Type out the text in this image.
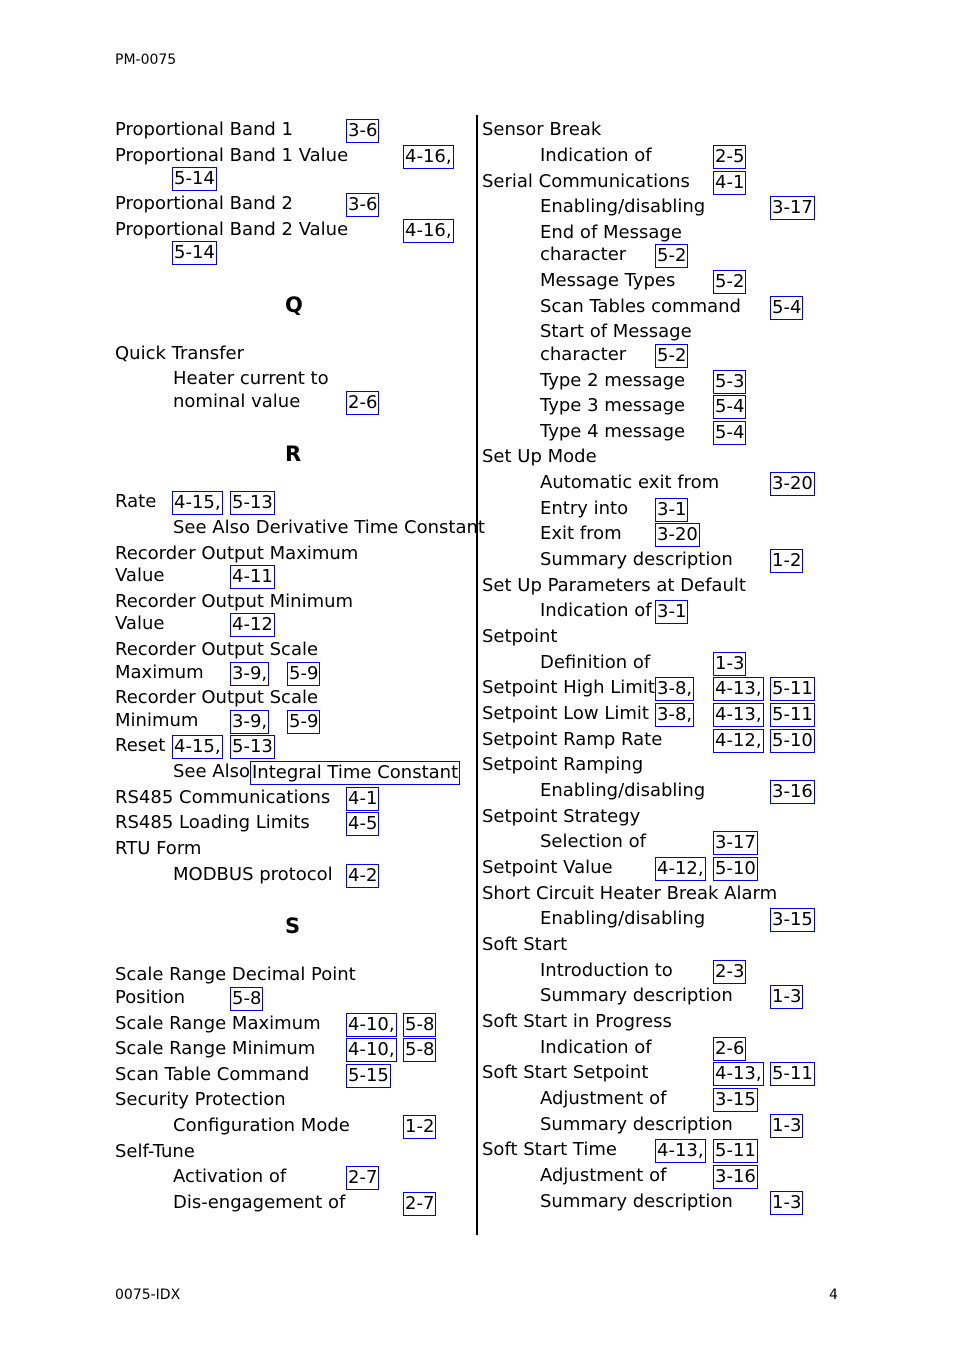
PM-0075
Proportional Band 1	3-6
Proportional Band 1 Value	4-16,
5-14
Proportional Band 2	3-6
Proportional Band 2 Value	4-16,
5-14
Q
Quick Transfer
Heater current to
nominal value	2-6
R
Rate 4-15, 5-13
See Also Derivative Time Constant
Recorder Output Maximum
Value	4-11
Recorder Output Minimum
Value	4-12
Recorder Output Scale
Maximum 3-9, 5-9
Recorder Output Scale
Minimum 3-9, 5-9
Reset 4-15, 5-13
See Also Integral Time Constant
RS485 Communications 4-1
RS485 Loading Limits 4-5
RTU Form
MODBUS protocol 4-2
S
Scale Range Decimal Point
Position	5-8
Scale Range Maximum 4-10, 5-8
Scale Range Minimum 4-10, 5-8
Scan Table Command 5-15
Security Protection
Configuration Mode	1-2
Self-Tune
Activation of	2-7
Dis-engagement of	2-7
Sensor Break
Indication of	2-5
Serial Communications 4-1
Enabling/disabling	3-17
End of Message
character 5-2
Message Types 5-2
Scan Tables command 5-4
Start of Message
character 5-2
Type 2 message 5-3
Type 3 message 5-4
Type 4 message 5-4
Set Up Mode
Automatic exit from	3-20
Entry into 3-1
Exit from 3-20
Summary description 1-2
Set Up Parameters at Default
Indication of 3-1
Setpoint
Definition of	1-3
Setpoint High Limit 3-8, 4-13, 5-11
Setpoint Low Limit 3-8, 4-13, 5-11
Setpoint Ramp Rate	4-12, 5-10
Setpoint Ramping
Enabling/disabling	3-16
Setpoint Strategy
Selection of	3-17
Setpoint Value 4-12, 5-10
Short Circuit Heater Break Alarm
Enabling/disabling	3-15
Soft Start
Introduction to 2-3
Summary description 1-3
Soft Start in Progress
Indication of	2-6
Soft Start Setpoint	4-13, 5-11
Adjustment of	3-15
Summary description 1-3
Soft Start Time 4-13, 5-11
Adjustment of	3-16
Summary description 1-3
0075-IDX	4
